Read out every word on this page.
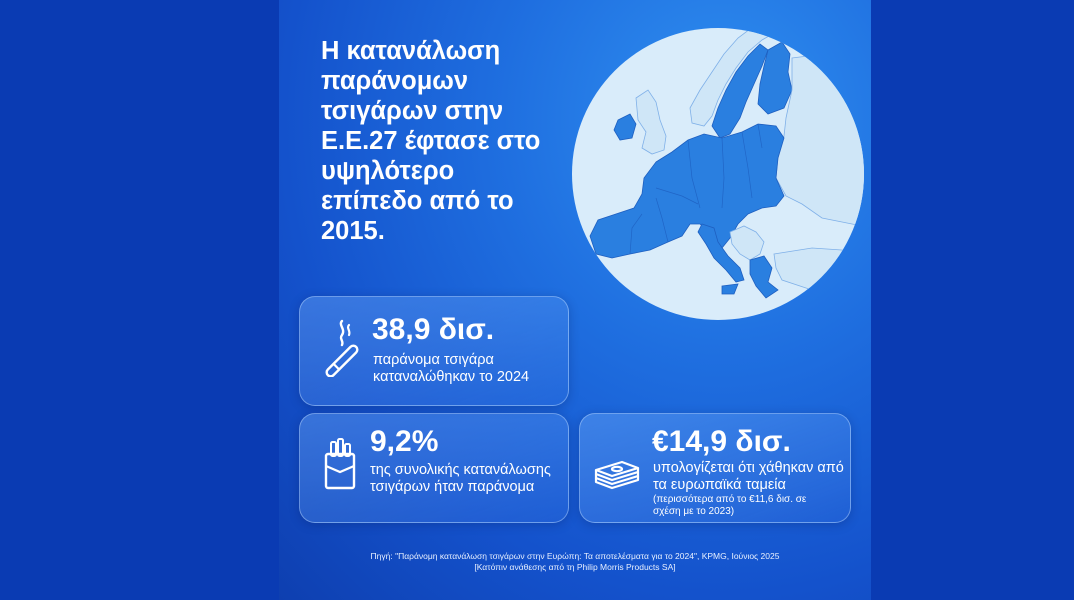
Η κατανάλωση παράνομων τσιγάρων στην Ε.Ε.27 έφτασε στο υψηλότερο επίπεδο από το 2015.
38,9 δισ.
παράνομα τσιγάρα καταναλώθηκαν το 2024
9,2%
της συνολικής κατανάλωσης τσιγάρων ήταν παράνομα
€14,9 δισ.
υπολογίζεται ότι χάθηκαν από τα ευρωπαϊκά ταμεία
(περισσότερα από το €11,6 δισ. σε σχέση με το 2023)
Πηγή: "Παράνομη κατανάλωση τσιγάρων στην Ευρώπη: Τα αποτελέσματα για το 2024", KPMG, Ιούνιος 2025
[Κατόπιν ανάθεσης από τη Philip Morris Products SA]
